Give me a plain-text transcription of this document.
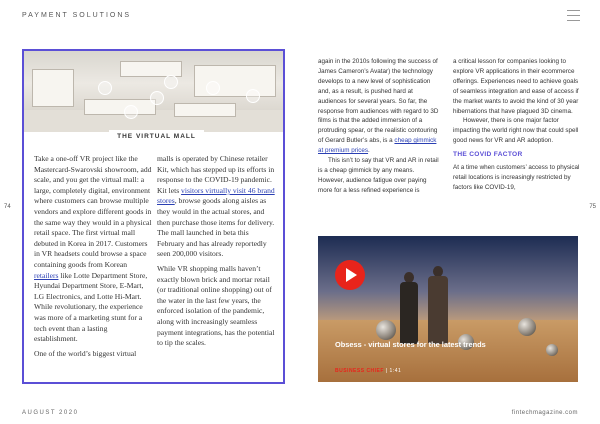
PAYMENT SOLUTIONS
74	75
THE VIRTUAL MALL

Take a one-off VR project like the Mastercard-Swarovski showroom, add scale, and you get the virtual mall: a large, completely digital, environment where customers can browse multiple vendors and explore different goods in the same way they would in a physical retail space. The first virtual mall debuted in Korea in 2017. Customers in VR headsets could browse a space containing goods from Korean retailers like Lotte Department Store, Hyundai Department Store, E-Mart, LG Electronics, and Lotte Hi-Mart. While revolutionary, the experience was more of a marketing stunt for a tech event than a lasting establishment.

One of the world’s biggest virtual

malls is operated by Chinese retailer Kit, which has stepped up its efforts in response to the COVID-19 pandemic. Kit lets visitors virtually visit 46 brand stores, browse goods along aisles as they would in the actual stores, and then purchase those items for delivery. The mall launched in beta this February and has already reportedly seen 200,000 visitors.

While VR shopping malls haven’t exactly blown brick and mortar retail (or traditional online shopping) out of the water in the last few years, the enforced isolation of the pandemic, along with increasingly seamless payment integrations, has the potential to tip the scales.

again in the 2010s following the success of James Cameron’s Avatar) the technology develops to a new level of sophistication and, as a result, is pushed hard at audiences for several years. So far, the response from audiences with regard to 3D films is that the added immersion of a protruding spear, or the realistic contouring of Gerard Butler’s abs, is a cheap gimmick at premium prices.

This isn’t to say that VR and AR in retail is a cheap gimmick by any means. However, audience fatigue over paying more for a less refined experience is

a critical lesson for companies looking to explore VR applications in their ecommerce offerings. Experiences need to achieve goals of seamless integration and ease of access if the market wants to avoid the kind of 30 year hibernations that have plagued 3D cinema.

However, there is one major factor impacting the world right now that could spell good news for VR and AR adoption.

THE COVID FACTOR

At a time when customers’ access to physical retail locations is increasingly restricted by factors like COVID-19,

Obsess - virtual stores for the latest trends
BUSINESS CHIEF | 1:41
AUGUST 2020	fintechmagazine.com
